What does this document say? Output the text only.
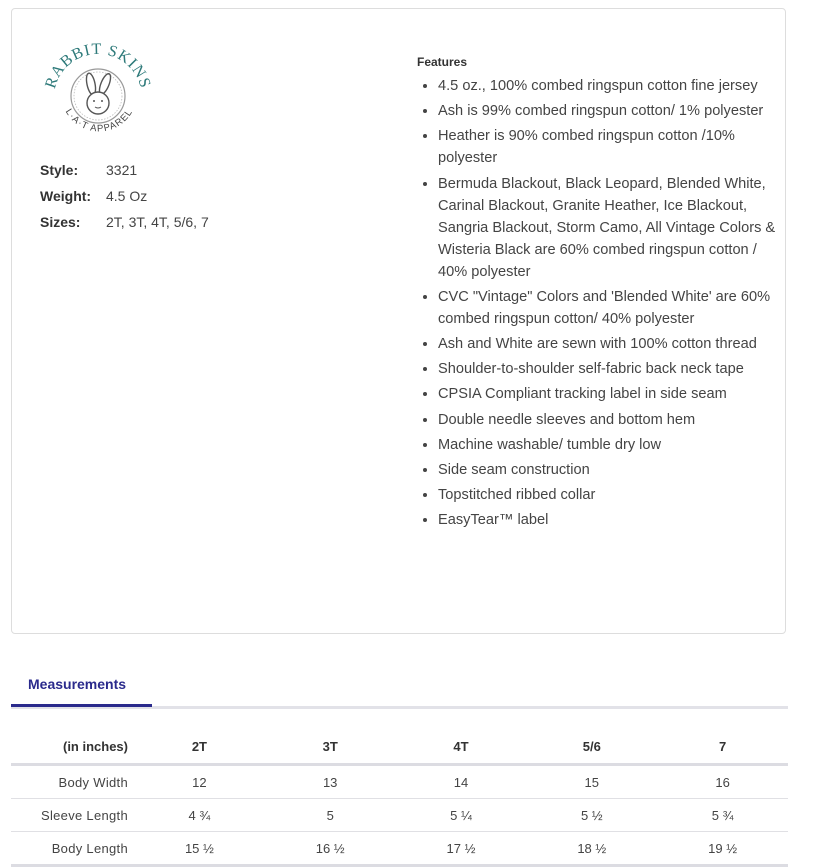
RABBIT SKINS
L·A·T APPAREL
Style:	3321
Weight:	4.5 Oz
Sizes:	2T, 3T, 4T, 5/6, 7

Features

• 4.5 oz., 100% combed ringspun cotton fine jersey
• Ash is 99% combed ringspun cotton/ 1% polyester
• Heather is 90% combed ringspun cotton /10% polyester
• Bermuda Blackout, Black Leopard, Blended White, Carinal Blackout, Granite Heather, Ice Blackout, Sangria Blackout, Storm Camo, All Vintage Colors & Wisteria Black are 60% combed ringspun cotton / 40% polyester
• CVC "Vintage" Colors and 'Blended White' are 60% combed ringspun cotton/ 40% polyester
• Ash and White are sewn with 100% cotton thread
• Shoulder-to-shoulder self-fabric back neck tape
• CPSIA Compliant tracking label in side seam
• Double needle sleeves and bottom hem
• Machine washable/ tumble dry low
• Side seam construction
• Topstitched ribbed collar
• EasyTear™ label
Measurements
(in inches)	2T	3T	4T	5/6	7
Body Width	12	13	14	15	16
Sleeve Length	4 ¾	5	5 ¼	5 ½	5 ¾
Body Length	15 ½	16 ½	17 ½	18 ½	19 ½
